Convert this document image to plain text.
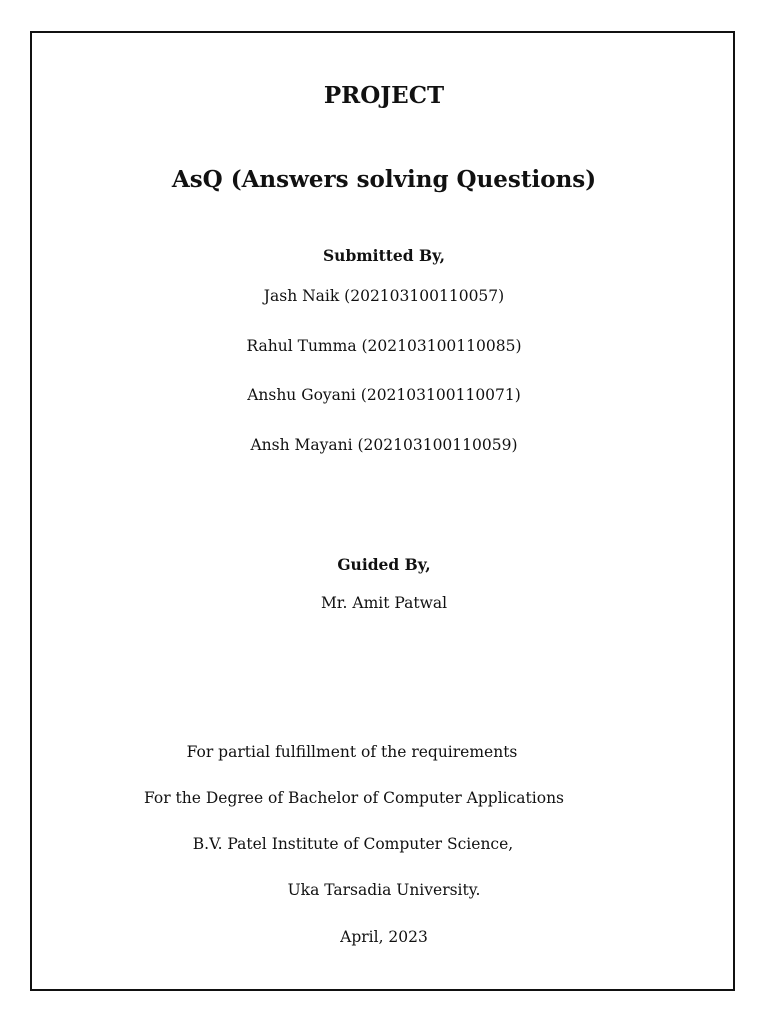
PROJECT
AsQ (Answers solving Questions)
Submitted By,
Jash Naik (202103100110057)
Rahul Tumma (202103100110085)
Anshu Goyani (202103100110071)
Ansh Mayani (202103100110059)
Guided By,
Mr. Amit Patwal
For partial fulfillment of the requirements
For the Degree of Bachelor of Computer Applications
B.V. Patel Institute of Computer Science,
Uka Tarsadia University.
April, 2023
